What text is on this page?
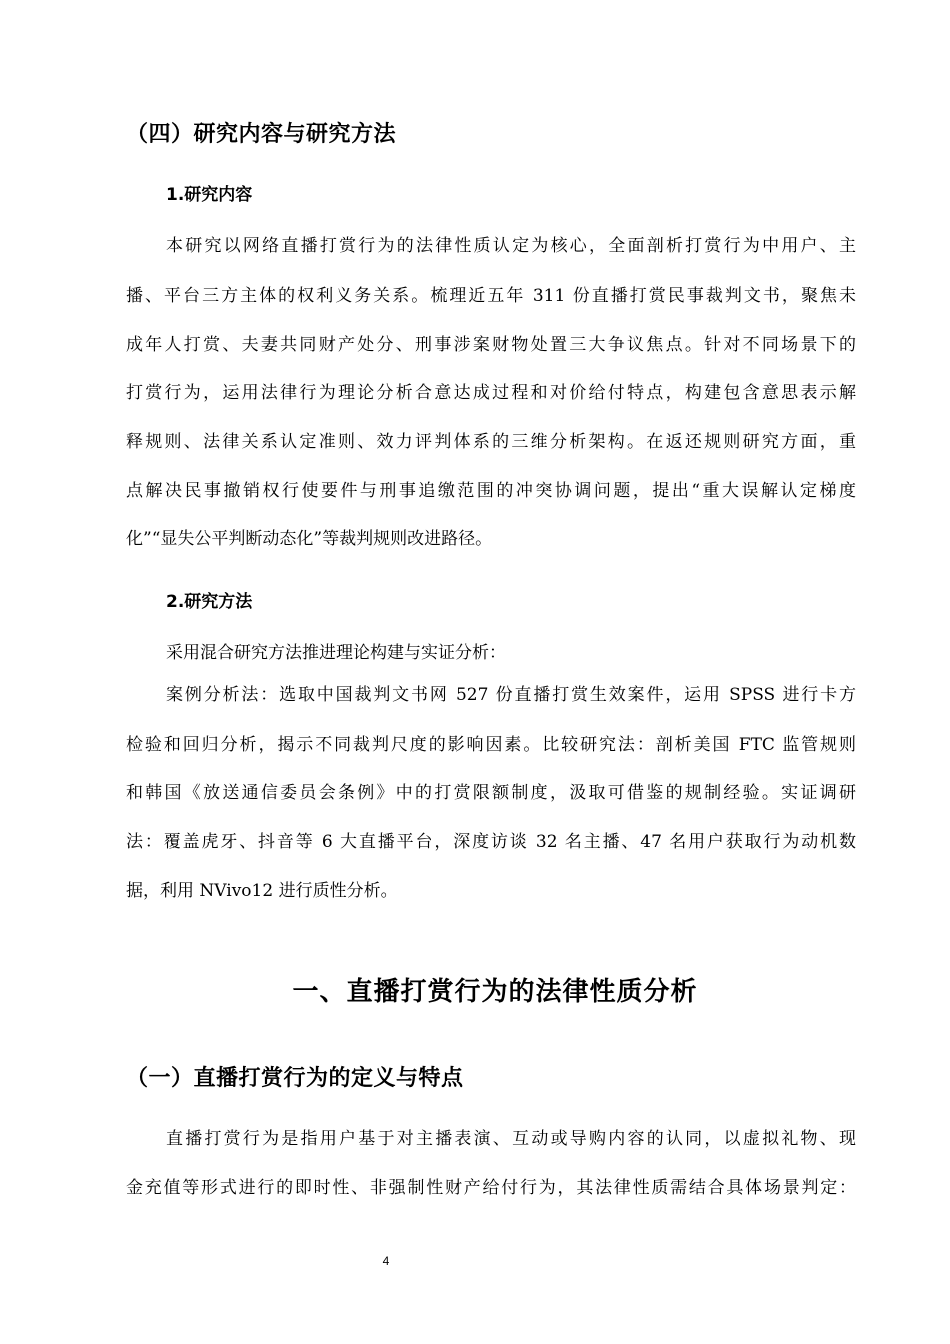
（四）研究内容与研究方法
1.研究内容
本研究以网络直播打赏行为的法律性质认定为核心，全面剖析打赏行为中用户、主
播、平台三方主体的权利义务关系。梳理近五年 311 份直播打赏民事裁判文书，聚焦未
成年人打赏、夫妻共同财产处分、刑事涉案财物处置三大争议焦点。针对不同场景下的
打赏行为，运用法律行为理论分析合意达成过程和对价给付特点，构建包含意思表示解
释规则、法律关系认定准则、效力评判体系的三维分析架构。在返还规则研究方面，重
点解决民事撤销权行使要件与刑事追缴范围的冲突协调问题，提出“重大误解认定梯度
化”“显失公平判断动态化”等裁判规则改进路径。
2.研究方法
采用混合研究方法推进理论构建与实证分析：
案例分析法：选取中国裁判文书网 527 份直播打赏生效案件，运用 SPSS 进行卡方
检验和回归分析，揭示不同裁判尺度的影响因素。比较研究法：剖析美国 FTC 监管规则
和韩国《放送通信委员会条例》中的打赏限额制度，汲取可借鉴的规制经验。实证调研
法：覆盖虎牙、抖音等 6 大直播平台，深度访谈 32 名主播、47 名用户获取行为动机数
据，利用 NVivo12 进行质性分析。
一、直播打赏行为的法律性质分析
（一）直播打赏行为的定义与特点
直播打赏行为是指用户基于对主播表演、互动或导购内容的认同，以虚拟礼物、现
金充值等形式进行的即时性、非强制性财产给付行为，其法律性质需结合具体场景判定：
4
